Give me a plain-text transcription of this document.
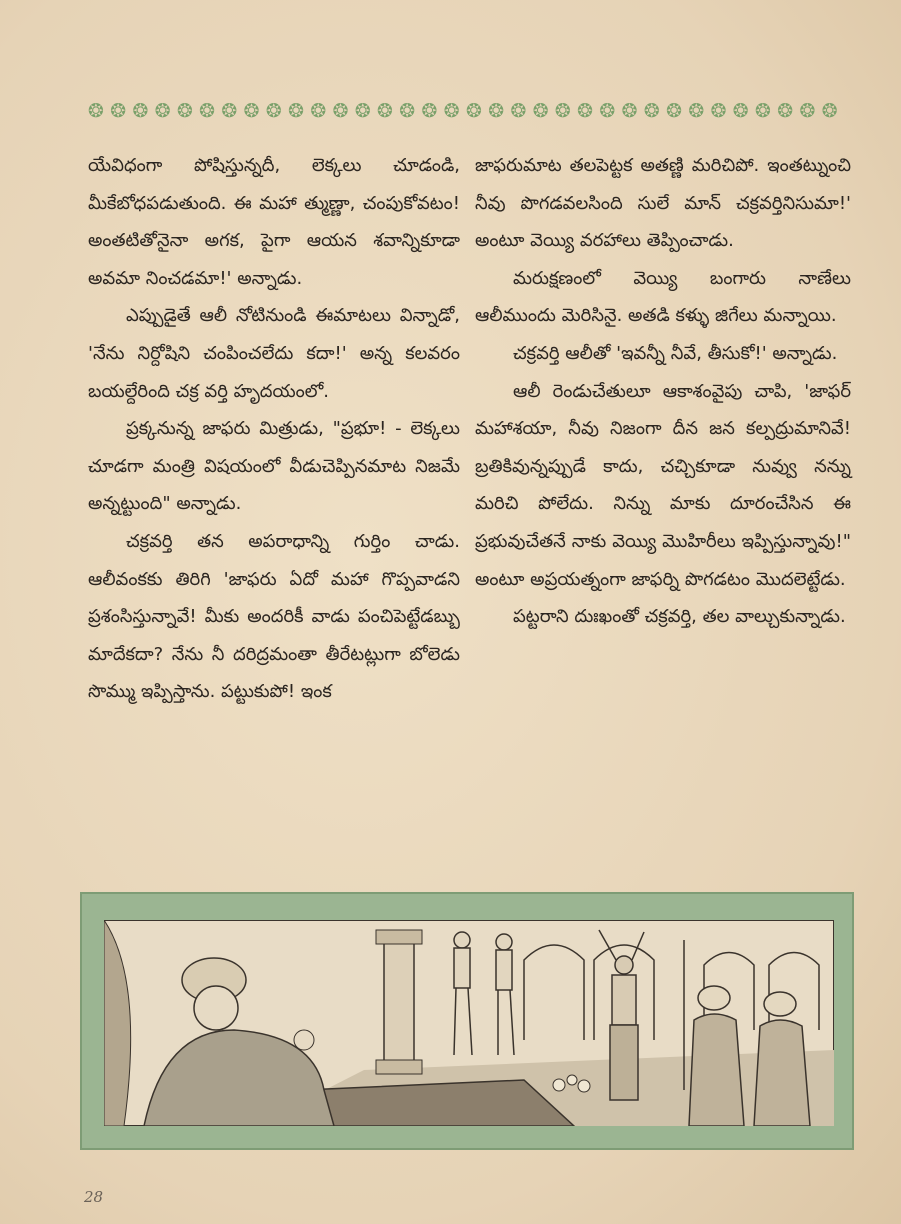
❂ ❂ ❂ ❂ ❂ ❂ ❂ ❂ ❂ ❂ ❂ ❂ ❂ ❂ ❂ ❂ ❂ ❂ ❂ ❂ ❂ ❂ ❂ ❂ ❂ ❂ ❂ ❂ ❂ ❂ ❂ ❂ ❂ ❂

యేవిధంగా పోషిస్తున్నదీ, లెక్కలు చూడండి, మీకేబోధపడుతుంది. ఈ మహా త్ముణ్ణా, చంపుకోవటం! అంతటితోనైనా అగక, పైగా ఆయన శవాన్నికూడా అవమా నించడమా!' అన్నాడు.

ఎప్పుడైతే ఆలీ నోటినుండి ఈమాటలు విన్నాడో, 'నేను నిర్దోషిని చంపించలేదు కదా!' అన్న కలవరం బయల్దేరింది చక్ర వర్తి హృదయంలో.

ప్రక్కనున్న జాఫరు మిత్రుడు, "ప్రభూ! - లెక్కలు చూడగా మంత్రి విషయంలో వీడుచెప్పినమాట నిజమే అన్నట్టుంది" అన్నాడు.

చక్రవర్తి తన అపరాధాన్ని గుర్తిం చాడు. ఆలీవంకకు తిరిగి 'జాఫరు ఏదో మహా గొప్పవాడని ప్రశంసిస్తున్నావే! మీకు అందరికీ వాడు పంచిపెట్టేడబ్బు మాదేకదా? నేను నీ దరిద్రమంతా తీరేటట్లుగా బోలెడు సొమ్ము ఇప్పిస్తాను. పట్టుకుపో! ఇంక

జాఫరుమాట తలపెట్టక అతణ్ణి మరిచిపో. ఇంతట్నుంచి నీవు పొగడవలసింది సులే మాన్ చక్రవర్తినిసుమా!' అంటూ వెయ్యి వరహాలు తెప్పించాడు.

మరుక్షణంలో వెయ్యి బంగారు నాణేలు ఆలీముందు మెరిసినై. అతడి కళ్ళు జిగేలు మన్నాయి.

చక్రవర్తి ఆలీతో 'ఇవన్నీ నీవే, తీసుకో!' అన్నాడు.

ఆలీ రెండుచేతులూ ఆకాశంవైపు చాపి, 'జాఫర్ మహాశయా, నీవు నిజంగా దీన జన కల్పద్రుమానివే! బ్రతికివున్నప్పుడే కాదు, చచ్చికూడా నువ్వు నన్ను మరిచి పోలేదు. నిన్ను మాకు దూరంచేసిన ఈ ప్రభువుచేతనే నాకు వెయ్యి మొహిరీలు ఇప్పిస్తున్నావు!" అంటూ అప్రయత్నంగా జాఫర్ని పొగడటం మొదలెట్టేడు.

పట్టరాని దుఃఖంతో చక్రవర్తి, తల వాల్చుకున్నాడు.

28
